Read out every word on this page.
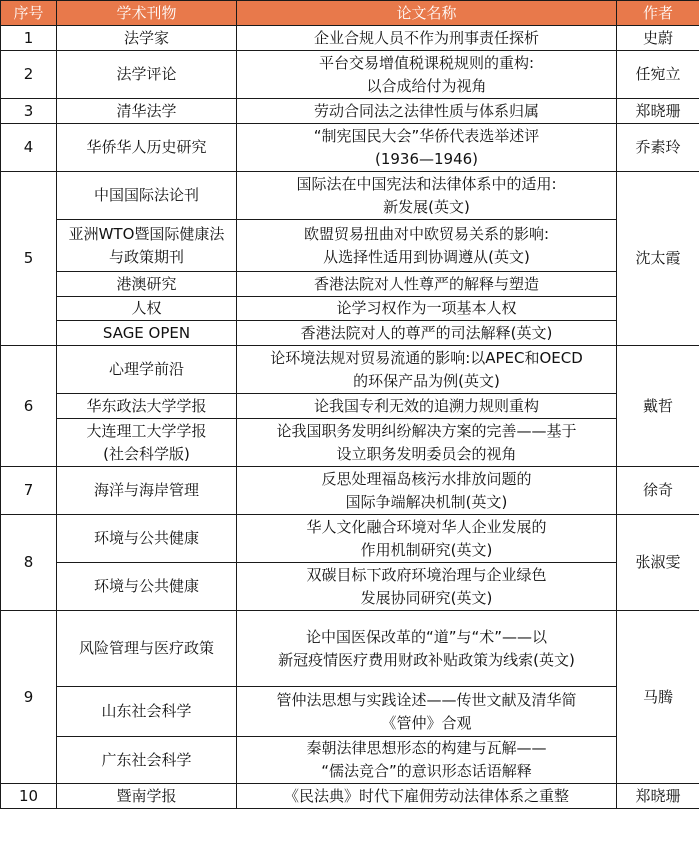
序号	学术刊物	论文名称	作者
1	法学家	企业合规人员不作为刑事责任探析	史蔚
2	法学评论	平台交易增值税课税规则的重构:
以合成给付为视角	任宛立
3	清华法学	劳动合同法之法律性质与体系归属	郑晓珊
4	华侨华人历史研究	“制宪国民大会”华侨代表选举述评
(1936—1946)	乔素玲
5	中国国际法论刊	国际法在中国宪法和法律体系中的适用:
新发展(英文)	沈太霞

	亚洲WTO暨国际健康法
与政策期刊	欧盟贸易扭曲对中欧贸易关系的影响:
从选择性适用到协调遵从(英文)	

	港澳研究	香港法院对人性尊严的解释与塑造	

	人权	论学习权作为一项基本人权	

	SAGE OPEN	香港法院对人的尊严的司法解释(英文)	

6	心理学前沿	论环境法规对贸易流通的影响:以APEC和OECD
的环保产品为例(英文)	戴哲

	华东政法大学学报	论我国专利无效的追溯力规则重构	

	大连理工大学学报
(社会科学版)	论我国职务发明纠纷解决方案的完善——基于
设立职务发明委员会的视角	

7	海洋与海岸管理	反思处理福岛核污水排放问题的
国际争端解决机制(英文)	徐奇
8	环境与公共健康	华人文化融合环境对华人企业发展的
作用机制研究(英文)	张淑雯

	环境与公共健康	双碳目标下政府环境治理与企业绿色
发展协同研究(英文)	

9	风险管理与医疗政策	论中国医保改革的“道”与“术”——以
新冠疫情医疗费用财政补贴政策为线索(英文)	马腾

	山东社会科学	管仲法思想与实践诠述——传世文献及清华简
《管仲》合观	

	广东社会科学	秦朝法律思想形态的构建与瓦解——
“儒法竞合”的意识形态话语解释	

10	暨南学报	《民法典》时代下雇佣劳动法律体系之重整	郑晓珊
